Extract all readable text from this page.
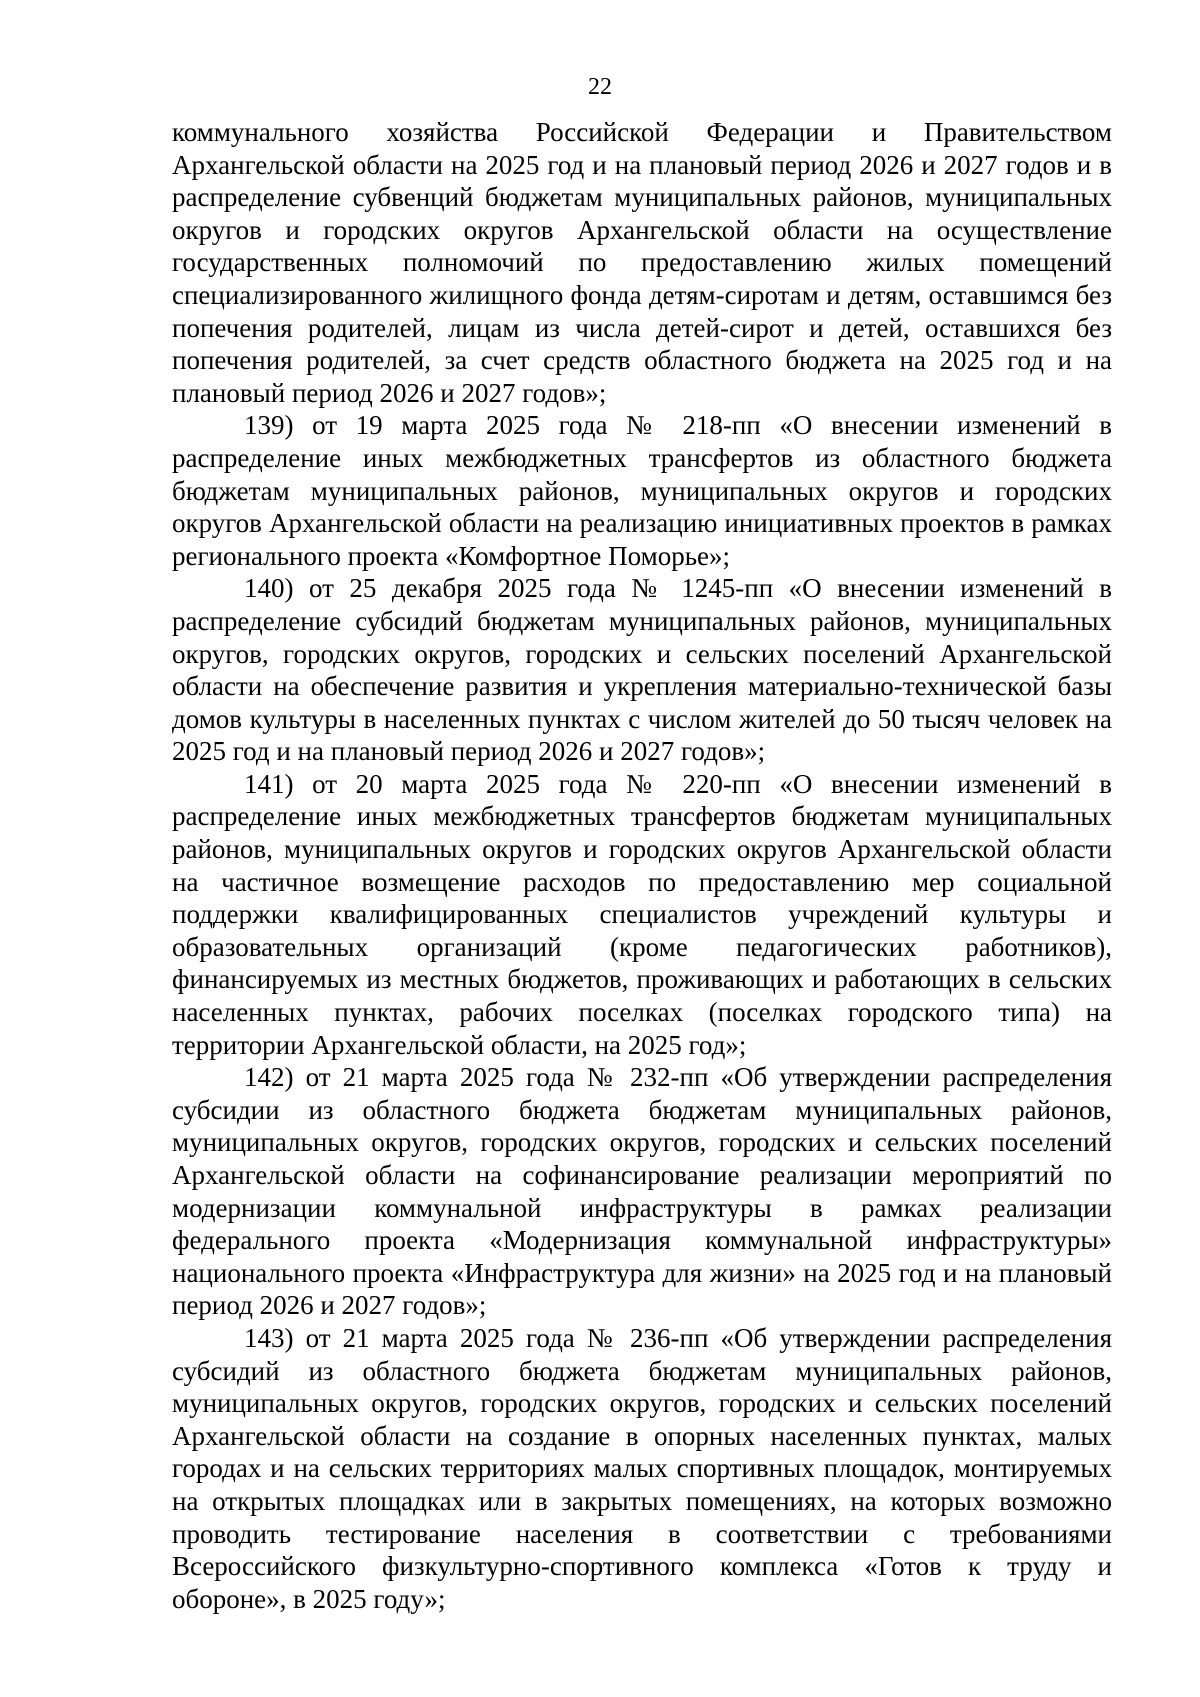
22

коммунального хозяйства Российской Федерации и Правительством Архангельской области на 2025 год и на плановый период 2026 и 2027 годов и в распределение субвенций бюджетам муниципальных районов, муниципальных округов и городских округов Архангельской области на осуществление государственных полномочий по предоставлению жилых помещений специализированного жилищного фонда детям-сиротам и детям, оставшимся без попечения родителей, лицам из числа детей-сирот и детей, оставшихся без попечения родителей, за счет средств областного бюджета на 2025 год и на плановый период 2026 и 2027 годов»;

139) от 19 марта 2025 года № 218-пп «О внесении изменений в распределение иных межбюджетных трансфертов из областного бюджета бюджетам муниципальных районов, муниципальных округов и городских округов Архангельской области на реализацию инициативных проектов в рамках регионального проекта «Комфортное Поморье»;

140) от 25 декабря 2025 года № 1245-пп «О внесении изменений в распределение субсидий бюджетам муниципальных районов, муниципальных округов, городских округов, городских и сельских поселений Архангельской области на обеспечение развития и укрепления материально-технической базы домов культуры в населенных пунктах с числом жителей до 50 тысяч человек на 2025 год и на плановый период 2026 и 2027 годов»;

141) от 20 марта 2025 года № 220-пп «О внесении изменений в распределение иных межбюджетных трансфертов бюджетам муниципальных районов, муниципальных округов и городских округов Архангельской области на частичное возмещение расходов по предоставлению мер социальной поддержки квалифицированных специалистов учреждений культуры и образовательных организаций (кроме педагогических работников), финансируемых из местных бюджетов, проживающих и работающих в сельских населенных пунктах, рабочих поселках (поселках городского типа) на территории Архангельской области, на 2025 год»;

142) от 21 марта 2025 года № 232-пп «Об утверждении распределения субсидии из областного бюджета бюджетам муниципальных районов, муниципальных округов, городских округов, городских и сельских поселений Архангельской области на софинансирование реализации мероприятий по модернизации коммунальной инфраструктуры в рамках реализации федерального проекта «Модернизация коммунальной инфраструктуры» национального проекта «Инфраструктура для жизни» на 2025 год и на плановый период 2026 и 2027 годов»;

143) от 21 марта 2025 года № 236-пп «Об утверждении распределения субсидий из областного бюджета бюджетам муниципальных районов, муниципальных округов, городских округов, городских и сельских поселений Архангельской области на создание в опорных населенных пунктах, малых городах и на сельских территориях малых спортивных площадок, монтируемых на открытых площадках или в закрытых помещениях, на которых возможно проводить тестирование населения в соответствии с требованиями Всероссийского физкультурно-спортивного комплекса «Готов к труду и обороне», в 2025 году»;
